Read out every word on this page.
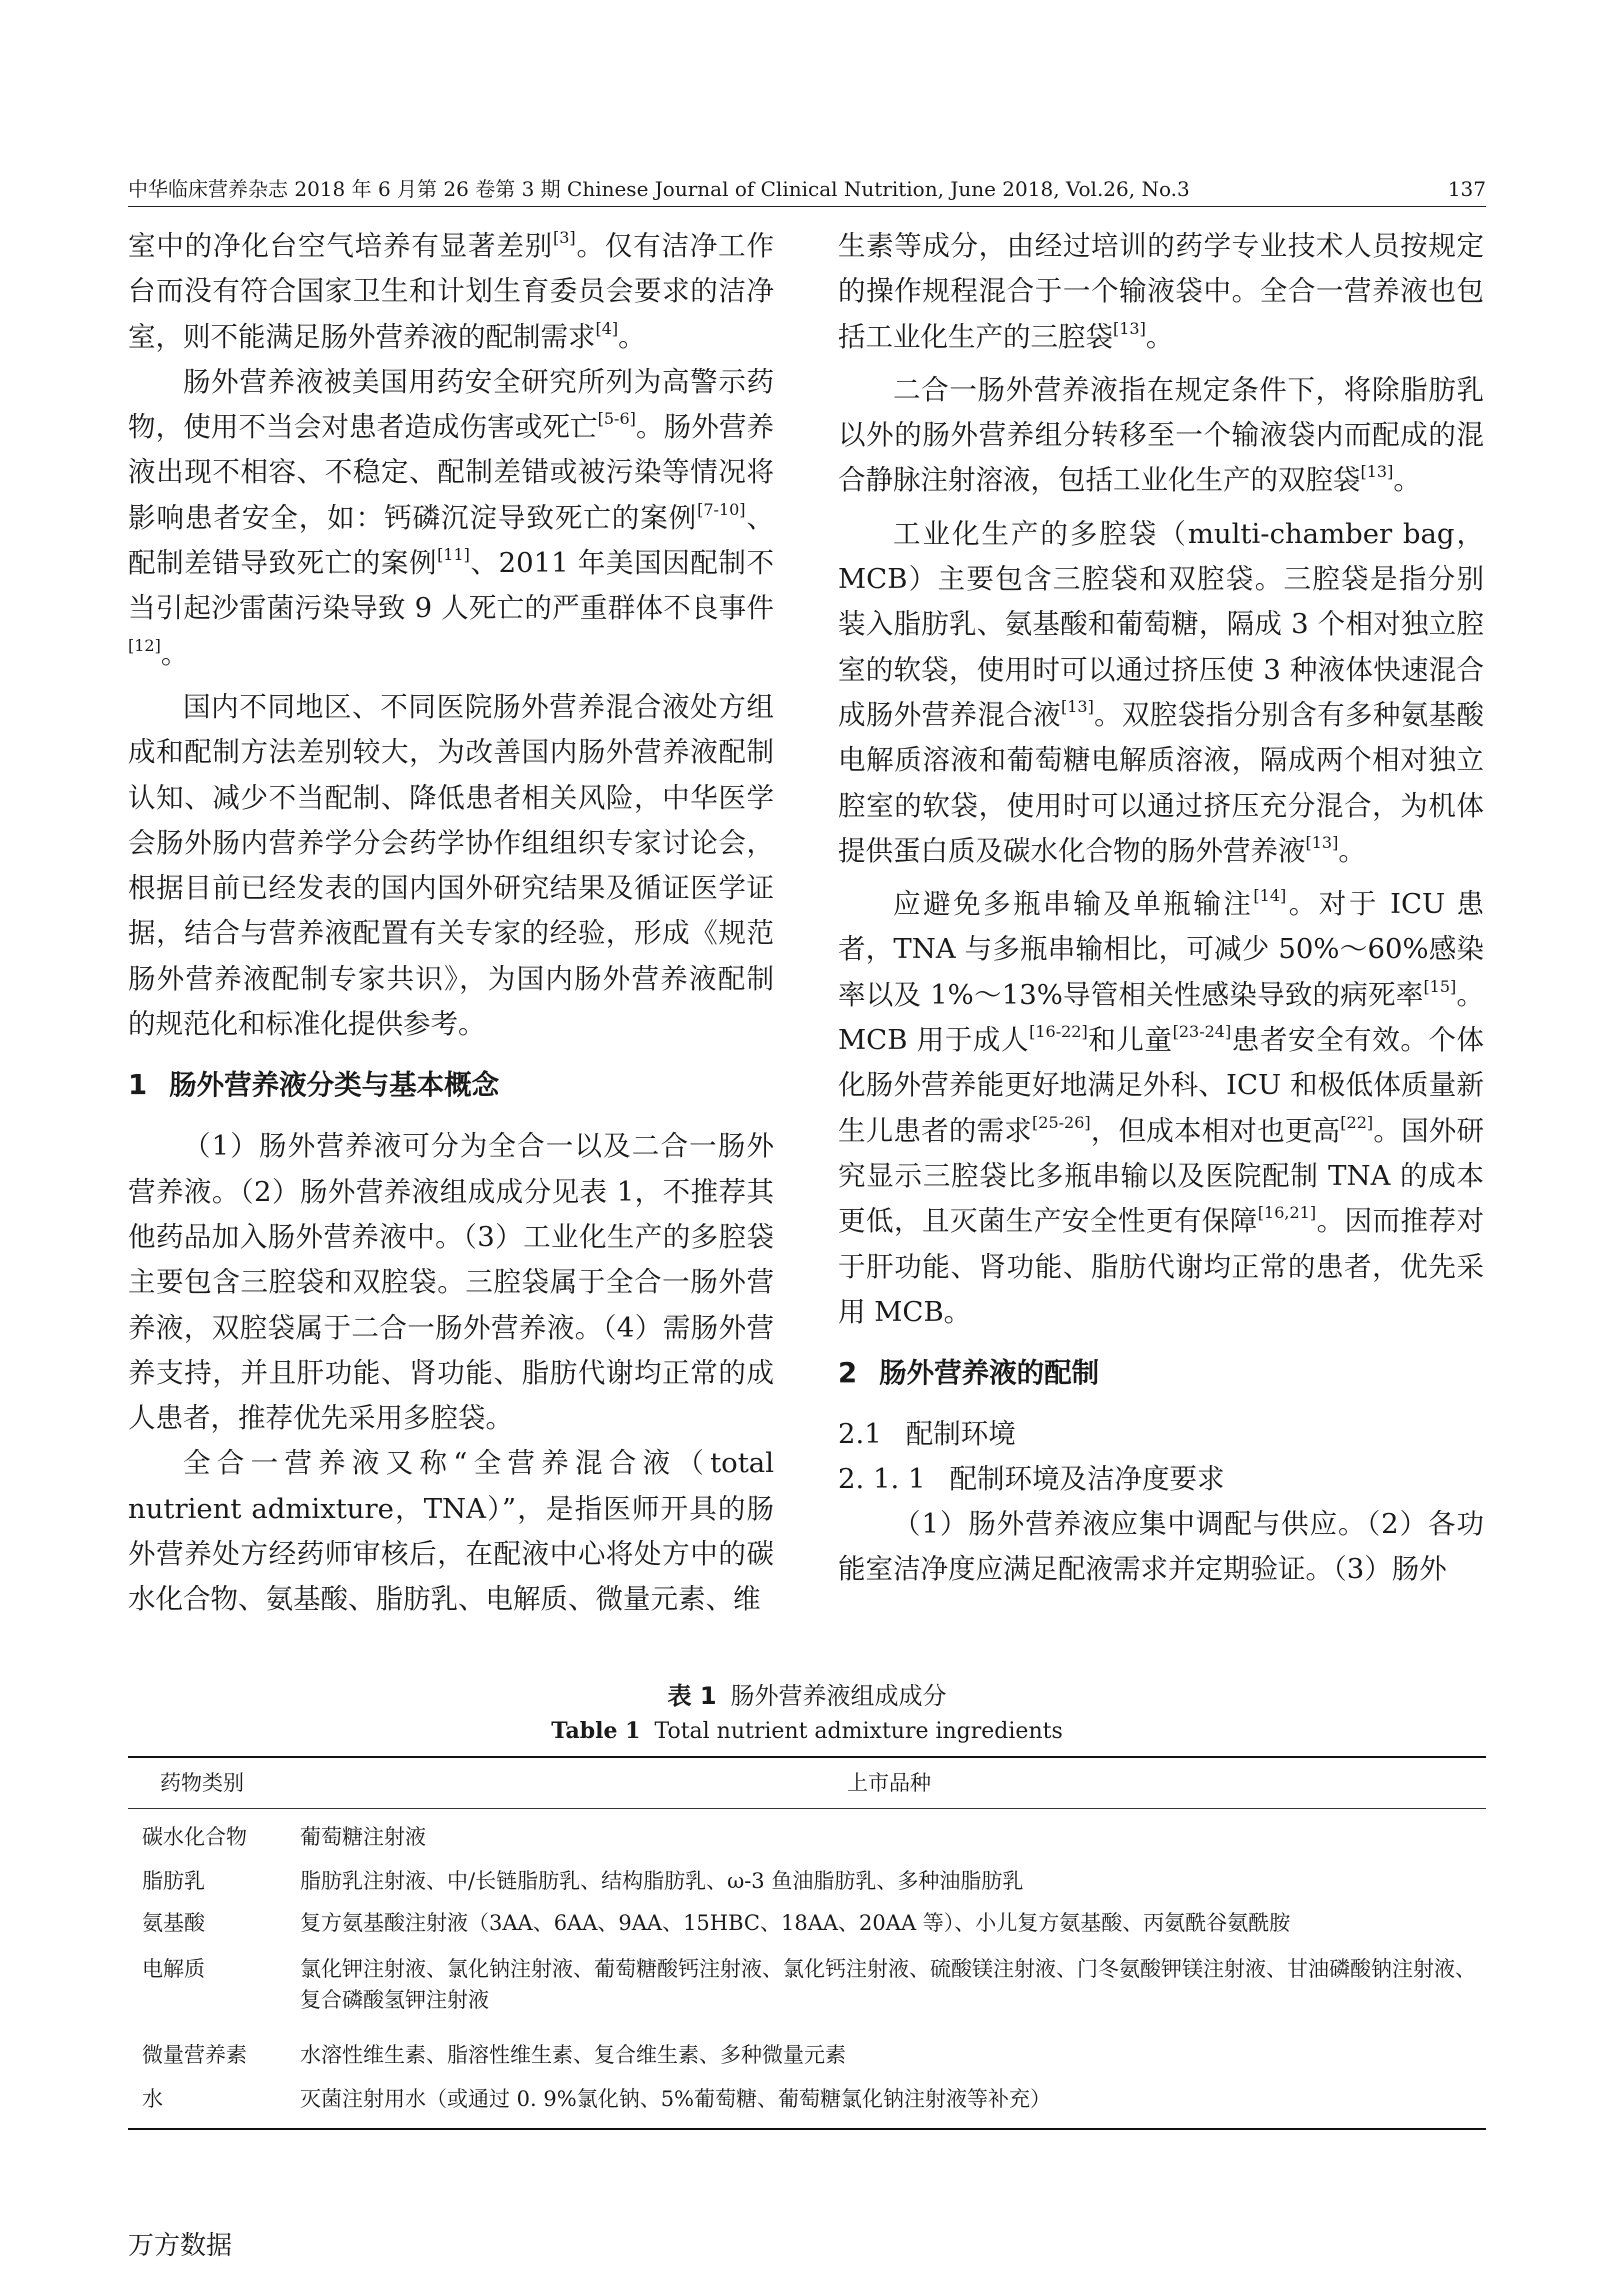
中华临床营养杂志 2018 年 6 月第 26 卷第 3 期 Chinese Journal of Clinical Nutrition, June 2018, Vol.26, No.3	137

室中的净化台空气培养有显著差别[3]。仅有洁净工作台而没有符合国家卫生和计划生育委员会要求的洁净室，则不能满足肠外营养液的配制需求[4]。

肠外营养液被美国用药安全研究所列为高警示药物，使用不当会对患者造成伤害或死亡[5-6]。肠外营养液出现不相容、不稳定、配制差错或被污染等情况将影响患者安全，如：钙磷沉淀导致死亡的案例[7-10]、配制差错导致死亡的案例[11]、2011 年美国因配制不当引起沙雷菌污染导致 9 人死亡的严重群体不良事件[12]。

国内不同地区、不同医院肠外营养混合液处方组成和配制方法差别较大，为改善国内肠外营养液配制认知、减少不当配制、降低患者相关风险，中华医学会肠外肠内营养学分会药学协作组组织专家讨论会，根据目前已经发表的国内国外研究结果及循证医学证据，结合与营养液配置有关专家的经验，形成《规范肠外营养液配制专家共识》，为国内肠外营养液配制的规范化和标准化提供参考。

1 肠外营养液分类与基本概念

（1）肠外营养液可分为全合一以及二合一肠外营养液。（2）肠外营养液组成成分见表 1，不推荐其他药品加入肠外营养液中。（3）工业化生产的多腔袋主要包含三腔袋和双腔袋。三腔袋属于全合一肠外营养液，双腔袋属于二合一肠外营养液。（4）需肠外营养支持，并且肝功能、肾功能、脂肪代谢均正常的成人患者，推荐优先采用多腔袋。

全合一营养液又称“全营养混合液（total nutrient admixture，TNA）”，是指医师开具的肠外营养处方经药师审核后，在配液中心将处方中的碳水化合物、氨基酸、脂肪乳、电解质、微量元素、维

生素等成分，由经过培训的药学专业技术人员按规定的操作规程混合于一个输液袋中。全合一营养液也包括工业化生产的三腔袋[13]。

二合一肠外营养液指在规定条件下，将除脂肪乳以外的肠外营养组分转移至一个输液袋内而配成的混合静脉注射溶液，包括工业化生产的双腔袋[13]。

工业化生产的多腔袋（multi-chamber bag，MCB）主要包含三腔袋和双腔袋。三腔袋是指分别装入脂肪乳、氨基酸和葡萄糖，隔成 3 个相对独立腔室的软袋，使用时可以通过挤压使 3 种液体快速混合成肠外营养混合液[13]。双腔袋指分别含有多种氨基酸电解质溶液和葡萄糖电解质溶液，隔成两个相对独立腔室的软袋，使用时可以通过挤压充分混合，为机体提供蛋白质及碳水化合物的肠外营养液[13]。

应避免多瓶串输及单瓶输注[14]。对于 ICU 患者，TNA 与多瓶串输相比，可减少 50%～60%感染率以及 1%～13%导管相关性感染导致的病死率[15]。MCB 用于成人[16-22]和儿童[23-24]患者安全有效。个体化肠外营养能更好地满足外科、ICU 和极低体质量新生儿患者的需求[25-26]，但成本相对也更高[22]。国外研究显示三腔袋比多瓶串输以及医院配制 TNA 的成本更低，且灭菌生产安全性更有保障[16,21]。因而推荐对于肝功能、肾功能、脂肪代谢均正常的患者，优先采用 MCB。

2 肠外营养液的配制
2.1 配制环境
2. 1. 1 配制环境及洁净度要求

（1）肠外营养液应集中调配与供应。（2）各功能室洁净度应满足配液需求并定期验证。（3）肠外

表 1 肠外营养液组成成分
Table 1 Total nutrient admixture ingredients
药物类别	上市品种
碳水化合物	葡萄糖注射液
脂肪乳	脂肪乳注射液、中/长链脂肪乳、结构脂肪乳、ω-3 鱼油脂肪乳、多种油脂肪乳
氨基酸	复方氨基酸注射液（3AA、6AA、9AA、15HBC、18AA、20AA 等）、小儿复方氨基酸、丙氨酰谷氨酰胺
电解质	氯化钾注射液、氯化钠注射液、葡萄糖酸钙注射液、氯化钙注射液、硫酸镁注射液、门冬氨酸钾镁注射液、甘油磷酸钠注射液、复合磷酸氢钾注射液
微量营养素	水溶性维生素、脂溶性维生素、复合维生素、多种微量元素
水	灭菌注射用水（或通过 0. 9%氯化钠、5%葡萄糖、葡萄糖氯化钠注射液等补充）
万方数据
